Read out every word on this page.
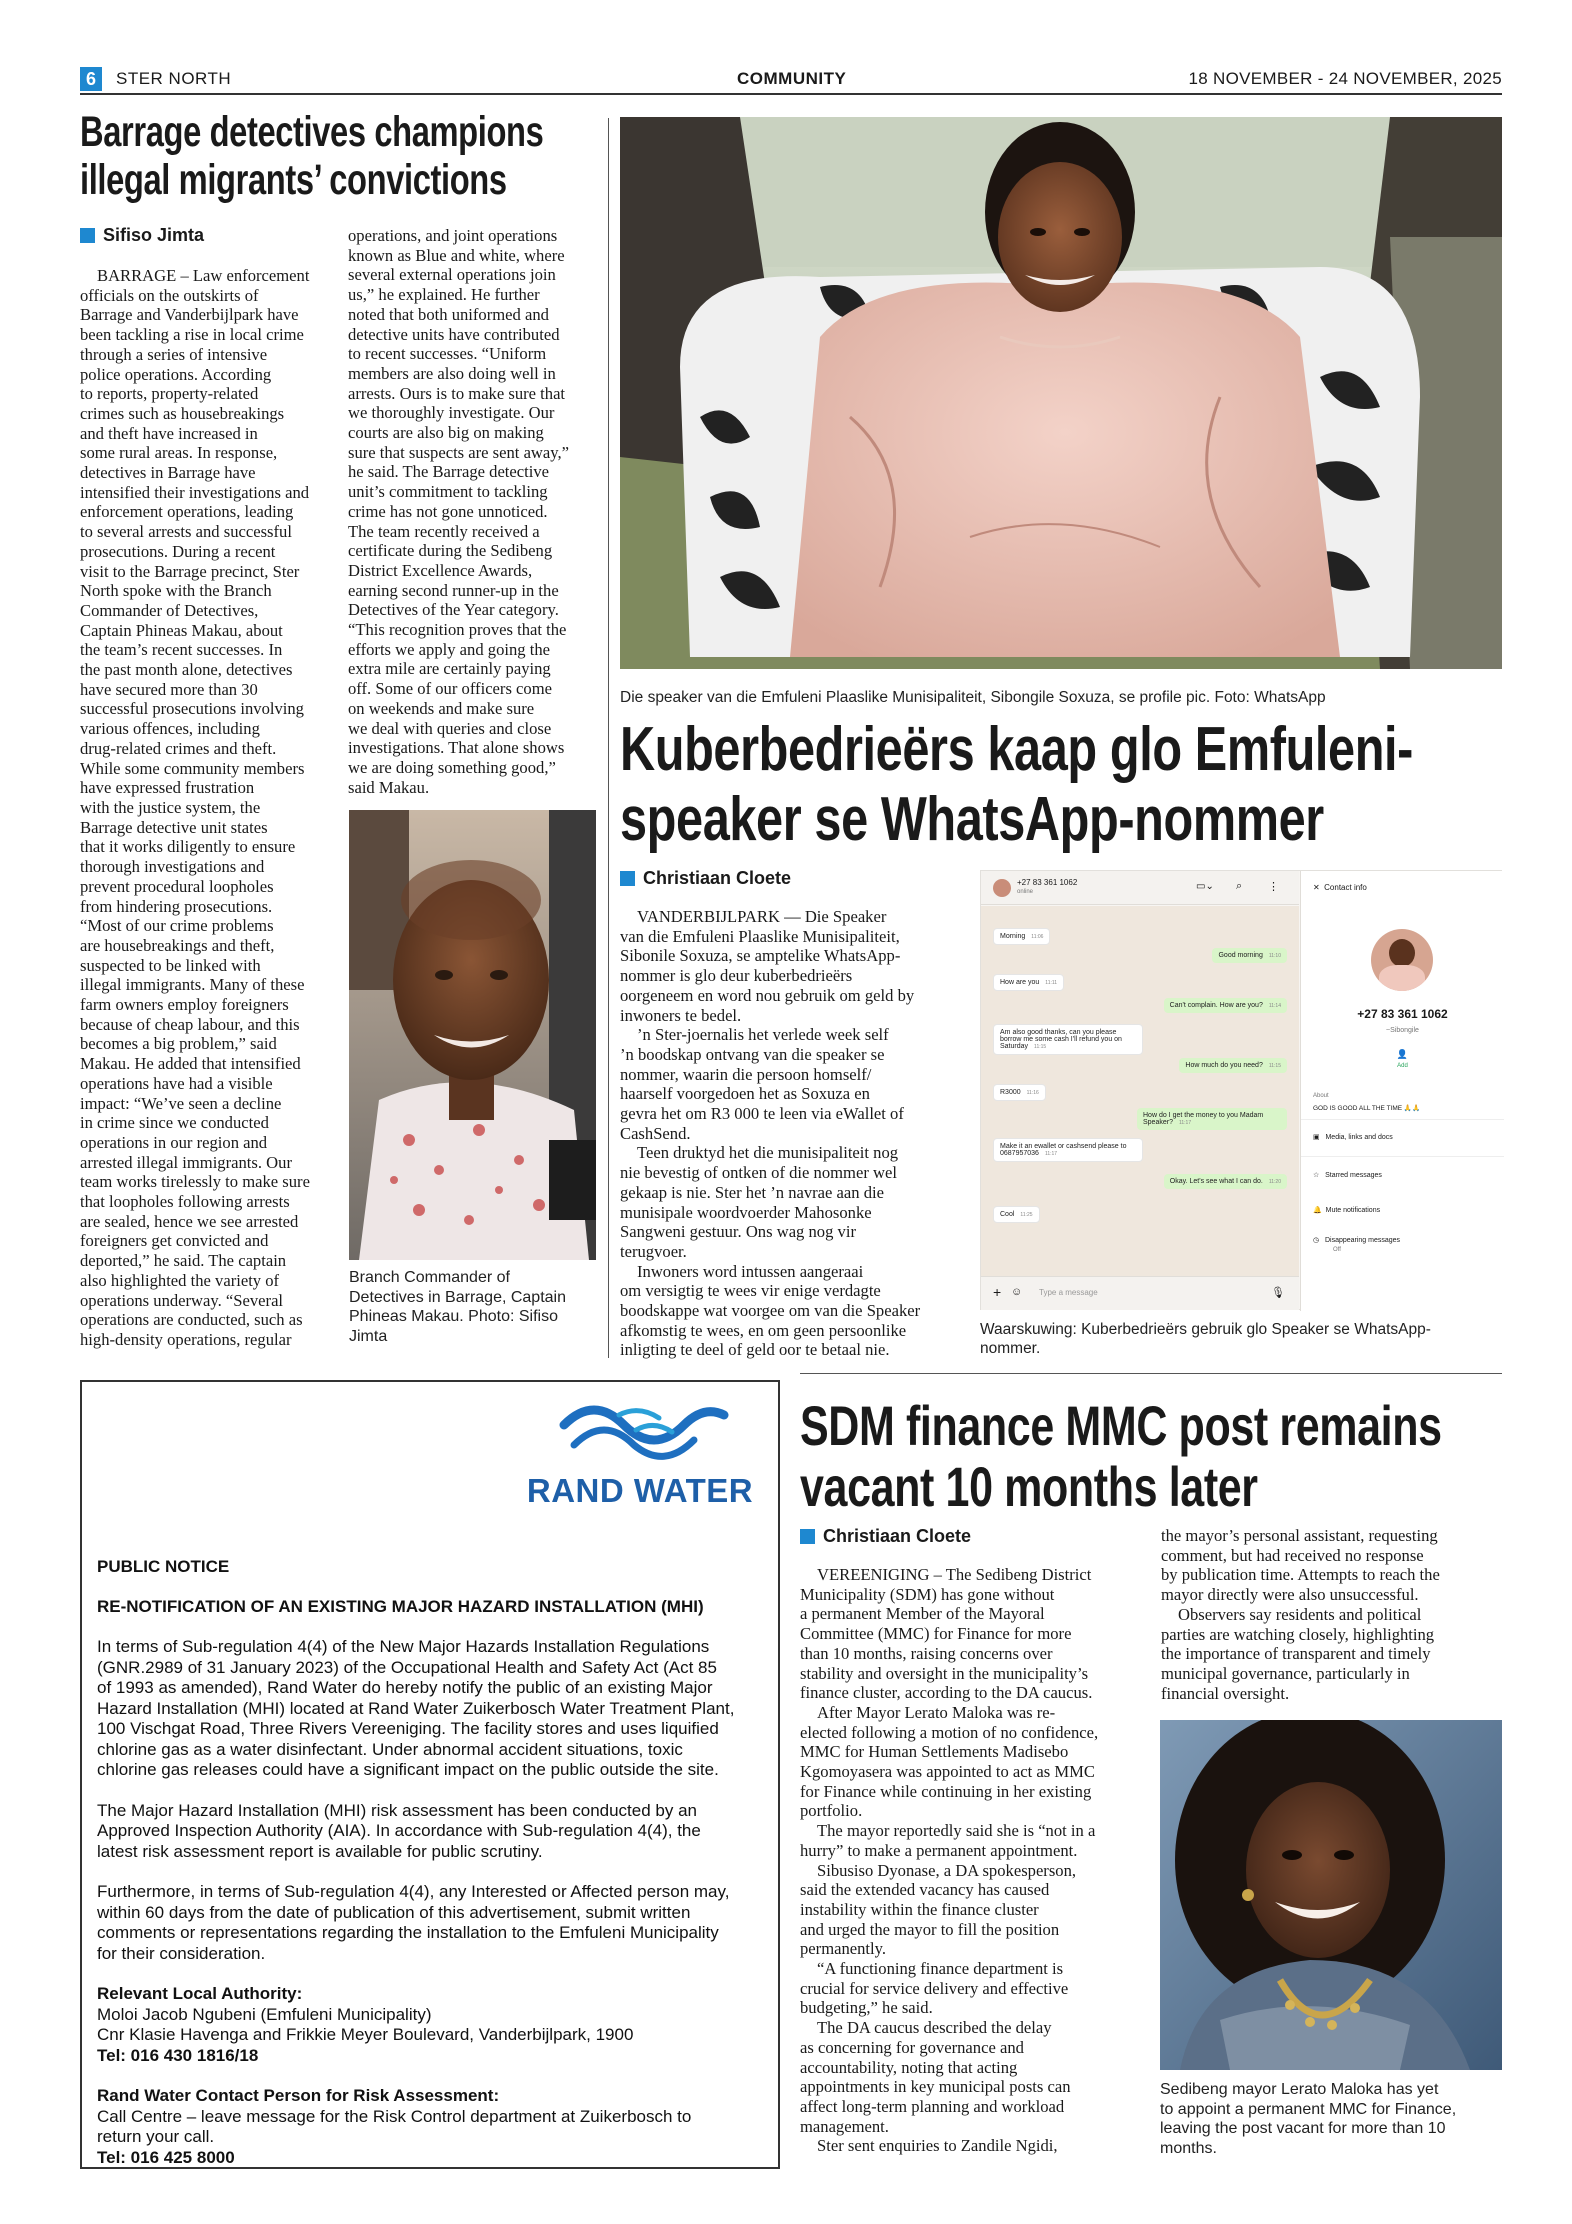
6	STER NORTH	COMMUNITY	18 NOVEMBER - 24 NOVEMBER, 2025
Barrage detectives champions
illegal migrants’ convictions
Sifiso Jimta
BARRAGE – Law enforcement
officials on the outskirts of
Barrage and Vanderbijlpark have
been tackling a rise in local crime
through a series of intensive
police operations. According
to reports, property-related
crimes such as housebreakings
and theft have increased in
some rural areas. In response,
detectives in Barrage have
intensified their investigations and
enforcement operations, leading
to several arrests and successful
prosecutions. During a recent
visit to the Barrage precinct, Ster
North spoke with the Branch
Commander of Detectives,
Captain Phineas Makau, about
the team’s recent successes. In
the past month alone, detectives
have secured more than 30
successful prosecutions involving
various offences, including
drug-related crimes and theft.
While some community members
have expressed frustration
with the justice system, the
Barrage detective unit states
that it works diligently to ensure
thorough investigations and
prevent procedural loopholes
from hindering prosecutions.
“Most of our crime problems
are housebreakings and theft,
suspected to be linked with
illegal immigrants. Many of these
farm owners employ foreigners
because of cheap labour, and this
becomes a big problem,” said
Makau. He added that intensified
operations have had a visible
impact: “We’ve seen a decline
in crime since we conducted
operations in our region and
arrested illegal immigrants. Our
team works tirelessly to make sure
that loopholes following arrests
are sealed, hence we see arrested
foreigners get convicted and
deported,” he said. The captain
also highlighted the variety of
operations underway. “Several
operations are conducted, such as
high-density operations, regular
operations, and joint operations
known as Blue and white, where
several external operations join
us,” he explained. He further
noted that both uniformed and
detective units have contributed
to recent successes. “Uniform
members are also doing well in
arrests. Ours is to make sure that
we thoroughly investigate. Our
courts are also big on making
sure that suspects are sent away,”
he said. The Barrage detective
unit’s commitment to tackling
crime has not gone unnoticed.
The team recently received a
certificate during the Sedibeng
District Excellence Awards,
earning second runner-up in the
Detectives of the Year category.
“This recognition proves that the
efforts we apply and going the
extra mile are certainly paying
off. Some of our officers come
on weekends and make sure
we deal with queries and close
investigations. That alone shows
we are doing something good,”
said Makau.
Branch Commander of
Detectives in Barrage, Captain
Phineas Makau. Photo: Sifiso
Jimta
Die speaker van die Emfuleni Plaaslike Munisipaliteit, Sibongile Soxuza, se profile pic. Foto: WhatsApp
Kuberbedrieërs kaap glo Emfuleni-
speaker se WhatsApp-nommer
Christiaan Cloete
VANDERBIJLPARK — Die Speaker
van die Emfuleni Plaaslike Munisipaliteit,
Sibonile Soxuza, se amptelike WhatsApp-
nommer is glo deur kuberbedrieërs
oorgeneem en word nou gebruik om geld by
inwoners te bedel.
’n Ster-joernalis het verlede week self
’n boodskap ontvang van die speaker se
nommer, waarin die persoon homself/
haarself voorgedoen het as Soxuza en
gevra het om R3 000 te leen via eWallet of
CashSend.
Teen druktyd het die munisipaliteit nog
nie bevestig of ontken of die nommer wel
gekaap is nie. Ster het ’n navrae aan die
munisipale woordvoerder Mahosonke
Sangweni gestuur. Ons wag nog vir
terugvoer.
Inwoners word intussen aangeraai
om versigtig te wees vir enige verdagte
boodskappe wat voorgee om van die Speaker
afkomstig te wees, en om geen persoonlike
inligting te deel of geld oor te betaal nie.
+27 83 361 1062
online	▭⌄ ⌕ ⋮
Morning 11:06
Good morning 11:10
How are you 11:11
Can't complain. How are you? 11:14
Am also good thanks, can you please borrow me some cash I'll refund you on Saturday 11:15
How much do you need? 11:15
R3000 11:16
How do I get the money to you Madam Speaker? 11:17
Make it an ewallet or cashsend please to 0687957036 11:17
Okay. Let's see what I can do. 11:20
Cool 11:25
+ ☺ Type a message	🎙
✕ Contact info
+27 83 361 1062
~Sibongile
👤
Add
About
GOD IS GOOD ALL THE TIME 🙏🙏
▣ Media, links and docs
☆ Starred messages
🔔 Mute notifications
◷ Disappearing messages
Off
Waarskuwing: Kuberbedrieërs gebruik glo Speaker se WhatsApp-
nommer.
RAND WATER
PUBLIC NOTICE
RE-NOTIFICATION OF AN EXISTING MAJOR HAZARD INSTALLATION (MHI)
In terms of Sub-regulation 4(4) of the New Major Hazards Installation Regulations
(GNR.2989 of 31 January 2023) of the Occupational Health and Safety Act (Act 85
of 1993 as amended), Rand Water do hereby notify the public of an existing Major
Hazard Installation (MHI) located at Rand Water Zuikerbosch Water Treatment Plant,
100 Vischgat Road, Three Rivers Vereeniging. The facility stores and uses liquified
chlorine gas as a water disinfectant. Under abnormal accident situations, toxic
chlorine gas releases could have a significant impact on the public outside the site.
The Major Hazard Installation (MHI) risk assessment has been conducted by an
Approved Inspection Authority (AIA). In accordance with Sub-regulation 4(4), the
latest risk assessment report is available for public scrutiny.
Furthermore, in terms of Sub-regulation 4(4), any Interested or Affected person may,
within 60 days from the date of publication of this advertisement, submit written
comments or representations regarding the installation to the Emfuleni Municipality
for their consideration.
Relevant Local Authority:
Moloi Jacob Ngubeni (Emfuleni Municipality)
Cnr Klasie Havenga and Frikkie Meyer Boulevard, Vanderbijlpark, 1900
Tel: 016 430 1816/18
Rand Water Contact Person for Risk Assessment:
Call Centre – leave message for the Risk Control department at Zuikerbosch to
return your call.
Tel: 016 425 8000
SDM finance MMC post remains
vacant 10 months later
Christiaan Cloete
VEREENIGING – The Sedibeng District
Municipality (SDM) has gone without
a permanent Member of the Mayoral
Committee (MMC) for Finance for more
than 10 months, raising concerns over
stability and oversight in the municipality’s
finance cluster, according to the DA caucus.
After Mayor Lerato Maloka was re-
elected following a motion of no confidence,
MMC for Human Settlements Madisebo
Kgomoyasera was appointed to act as MMC
for Finance while continuing in her existing
portfolio.
The mayor reportedly said she is “not in a
hurry” to make a permanent appointment.
Sibusiso Dyonase, a DA spokesperson,
said the extended vacancy has caused
instability within the finance cluster
and urged the mayor to fill the position
permanently.
“A functioning finance department is
crucial for service delivery and effective
budgeting,” he said.
The DA caucus described the delay
as concerning for governance and
accountability, noting that acting
appointments in key municipal posts can
affect long-term planning and workload
management.
Ster sent enquiries to Zandile Ngidi,
the mayor’s personal assistant, requesting
comment, but had received no response
by publication time. Attempts to reach the
mayor directly were also unsuccessful.
Observers say residents and political
parties are watching closely, highlighting
the importance of transparent and timely
municipal governance, particularly in
financial oversight.
Sedibeng mayor Lerato Maloka has yet
to appoint a permanent MMC for Finance,
leaving the post vacant for more than 10
months.
